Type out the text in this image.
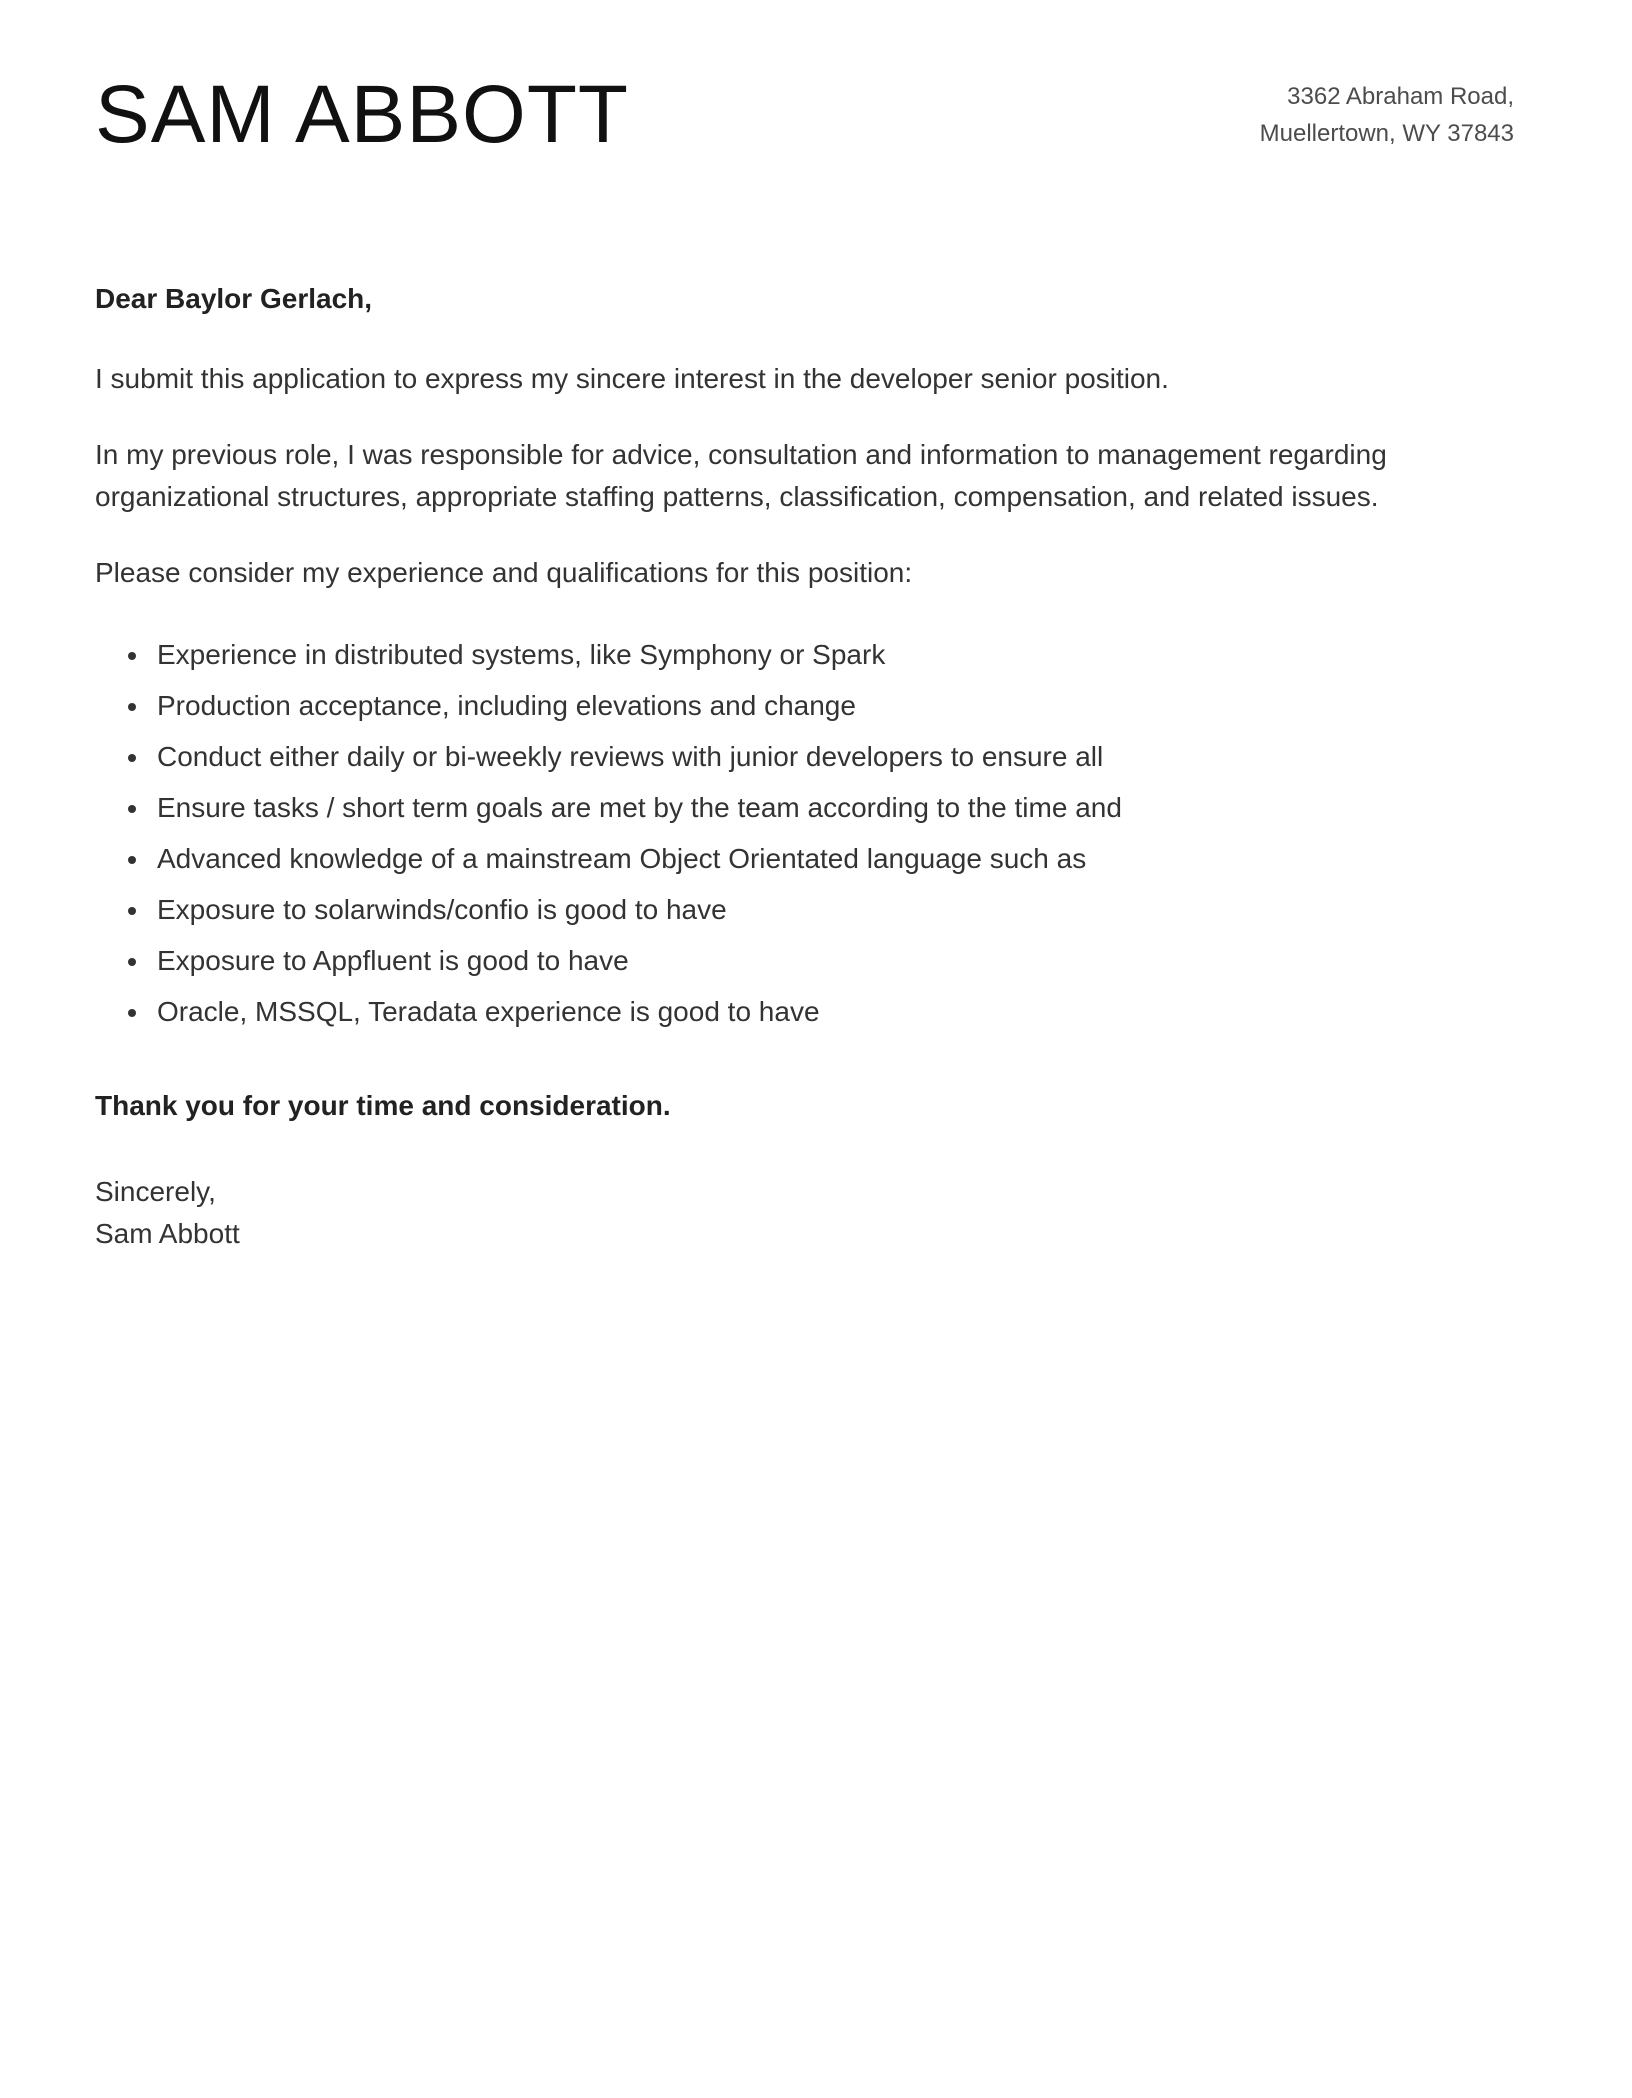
SAM ABBOTT	3362 Abraham Road,
Muellertown, WY 37843

Dear Baylor Gerlach,

I submit this application to express my sincere interest in the developer senior position.

In my previous role, I was responsible for advice, consultation and information to management regarding organizational structures, appropriate staffing patterns, classification, compensation, and related issues.

Please consider my experience and qualifications for this position:

• Experience in distributed systems, like Symphony or Spark
• Production acceptance, including elevations and change
• Conduct either daily or bi-weekly reviews with junior developers to ensure all
• Ensure tasks / short term goals are met by the team according to the time and
• Advanced knowledge of a mainstream Object Orientated language such as
• Exposure to solarwinds/confio is good to have
• Exposure to Appfluent is good to have
• Oracle, MSSQL, Teradata experience is good to have

Thank you for your time and consideration.

Sincerely,
Sam Abbott
